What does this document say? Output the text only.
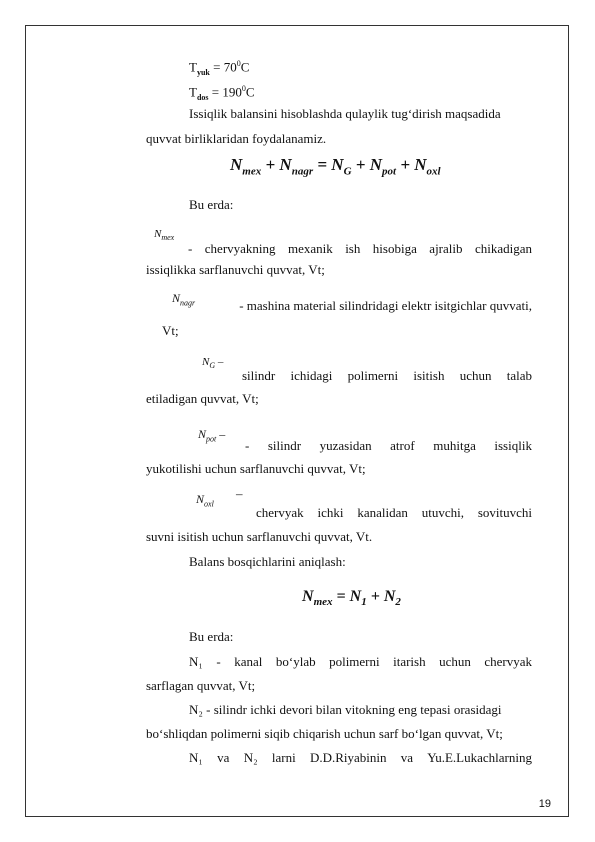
$T_{yuk} = 70^0C$
$T_{dos} = 190^0C$
Issiqlik balansini hisoblashda qulaylik tug‘dirish maqsadida
quvvat birliklaridan foydalanamiz.
$N_{mex} + N_{nagr} = N_G + N_{pot} + N_{oxl}$
Bu erda:
$N_{mex}$
- chervyakning mexanik ish hisobiga ajralib chikadigan
issiqlikka sarflanuvchi quvvat, Vt;
$N_{nagr}$	- mashina material silindridagi elektr isitgichlar quvvati,
Vt;
$N_G$ –
silindr ichidagi polimerni isitish uchun talab
etiladigan quvvat, Vt;
$N_{pot}$ –
- silindr yuzasidan atrof muhitga issiqlik
yukotilishi uchun sarflanuvchi quvvat, Vt;
$N_{oxl}$
–
chervyak ichki kanalidan utuvchi, sovituvchi
suvni isitish uchun sarflanuvchi quvvat, Vt.
Balans bosqichlarini aniqlash:
$N_{mex} = N_1 + N_2$
Bu erda:
N₁ - kanal bo‘ylab polimerni itarish uchun chervyak
sarflagan quvvat, Vt;
N₂ - silindr ichki devori bilan vitokning eng tepasi orasidagi
bo‘shliqdan polimerni siqib chiqarish uchun sarf bo‘lgan quvvat, Vt;
N₁ va N₂ larni D.D.Riyabinin va Yu.E.Lukachlarning
19
